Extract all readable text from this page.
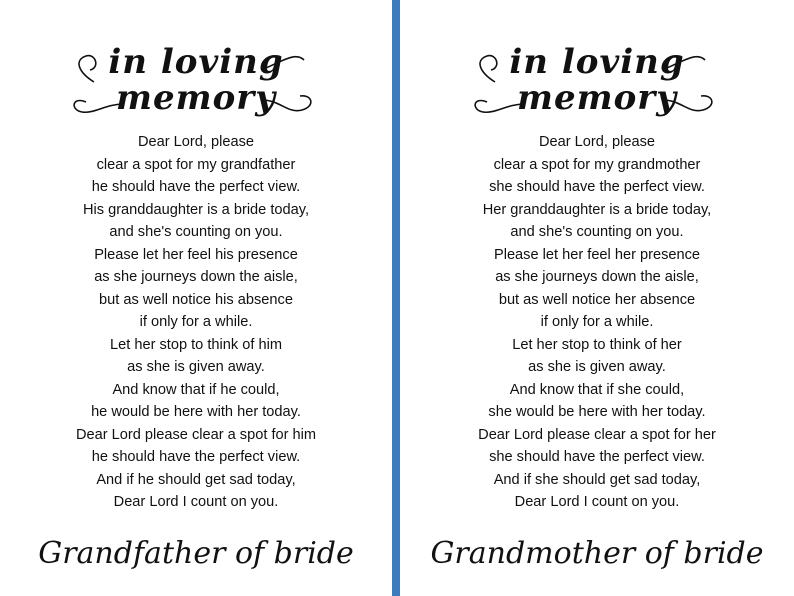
in loving
memory
Dear Lord, please
clear a spot for my grandfather
he should have the perfect view.
His granddaughter is a bride today,
and she's counting on you.
Please let her feel his presence
as she journeys down the aisle,
but as well notice his absence
if only for a while.
Let her stop to think of him
as she is given away.
And know that if he could,
he would be here with her today.
Dear Lord please clear a spot for him
he should have the perfect view.
And if he should get sad today,
Dear Lord I count on you.
Grandfather of bride
in loving
memory
Dear Lord, please
clear a spot for my grandmother
she should have the perfect view.
Her granddaughter is a bride today,
and she's counting on you.
Please let her feel her presence
as she journeys down the aisle,
but as well notice her absence
if only for a while.
Let her stop to think of her
as she is given away.
And know that if she could,
she would be here with her today.
Dear Lord please clear a spot for her
she should have the perfect view.
And if she should get sad today,
Dear Lord I count on you.
Grandmother of bride
